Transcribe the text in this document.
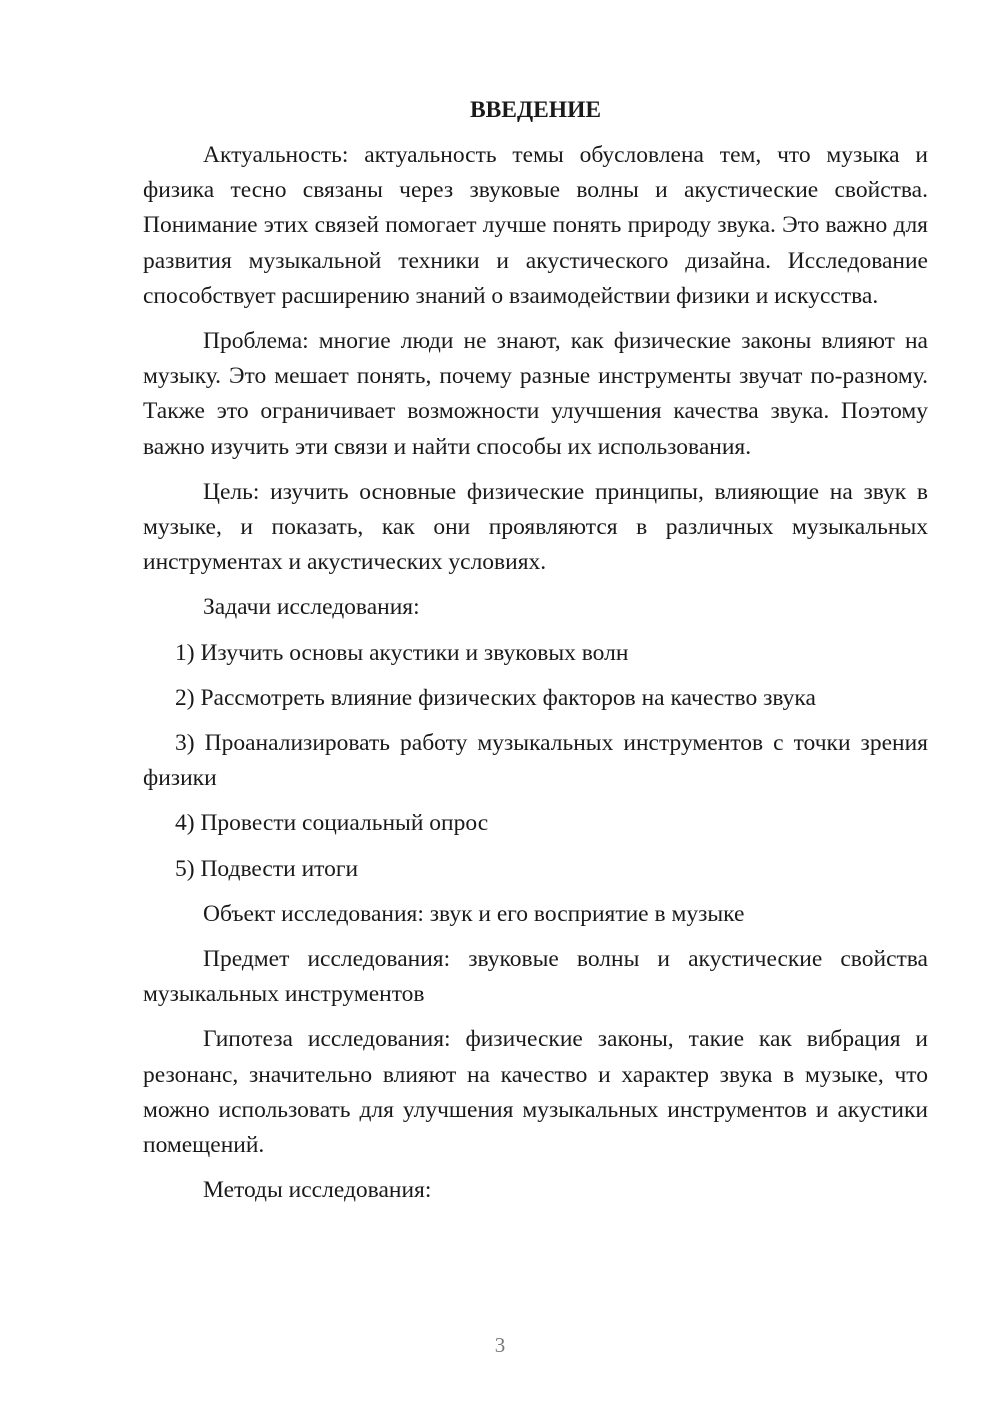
ВВЕДЕНИЕ

Актуальность: актуальность темы обусловлена тем, что музыка и физика тесно связаны через звуковые волны и акустические свойства. Понимание этих связей помогает лучше понять природу звука. Это важно для развития музыкальной техники и акустического дизайна. Исследование способствует расширению знаний о взаимодействии физики и искусства.

Проблема: многие люди не знают, как физические законы влияют на музыку. Это мешает понять, почему разные инструменты звучат по-разному. Также это ограничивает возможности улучшения качества звука. Поэтому важно изучить эти связи и найти способы их использования.

Цель: изучить основные физические принципы, влияющие на звук в музыке, и показать, как они проявляются в различных музыкальных инструментах и акустических условиях.

Задачи исследования:

1) Изучить основы акустики и звуковых волн

2) Рассмотреть влияние физических факторов на качество звука

3) Проанализировать работу музыкальных инструментов с точки зрения физики

4) Провести социальный опрос

5) Подвести итоги

Объект исследования: звук и его восприятие в музыке

Предмет исследования: звуковые волны и акустические свойства музыкальных инструментов

Гипотеза исследования: физические законы, такие как вибрация и резонанс, значительно влияют на качество и характер звука в музыке, что можно использовать для улучшения музыкальных инструментов и акустики помещений.

Методы исследования:

3
